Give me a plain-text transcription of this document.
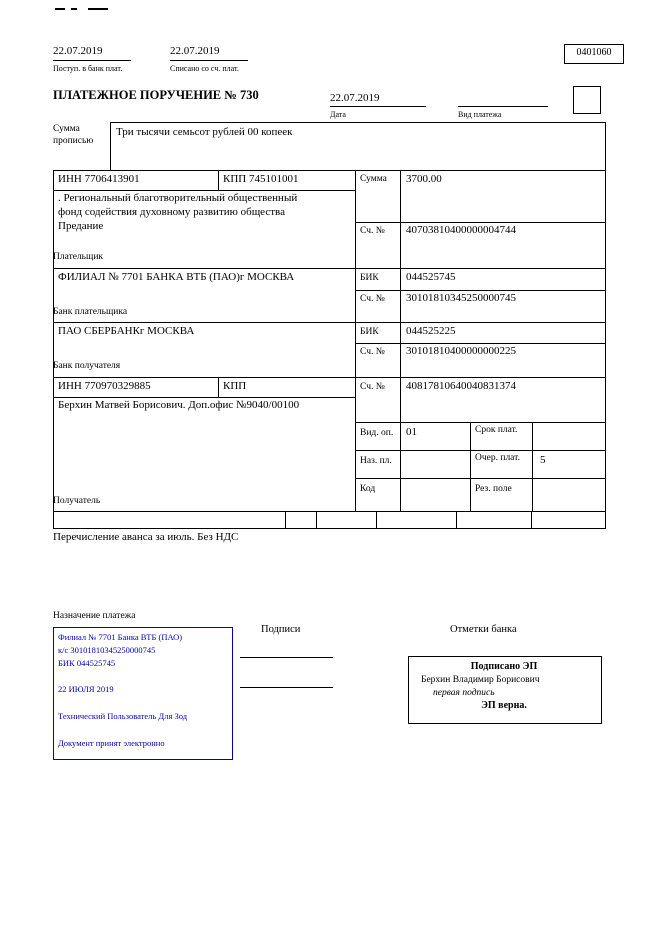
22.07.2019	22.07.2019
Поступ. в банк плат.	Списано со сч. плат.
0401060
ПЛАТЕЖНОЕ ПОРУЧЕНИЕ № 730	22.07.2019
Дата	Вид платежа
Сумма
прописью
Три тысячи семьсот рублей 00 копеек
ИНН 7706413901	КПП 745101001	Сумма 3700.00
. Региональный благотворительный общественный фонд содействия духовному развитию общества Предание	Сч. № 40703810400000004744
Плательщик
ФИЛИАЛ № 7701 БАНКА ВТБ (ПАО)г МОСКВА	БИК 044525745
Сч. № 30101810345250000745
Банк плательщика
ПАО СБЕРБАНКг МОСКВА	БИК 044525225
Сч. № 30101810400000000225
Банк получателя
ИНН 770970329885	КПП	Сч. № 40817810640040831374
Берхин Матвей Борисович. Доп.офис №9040/00100
Вид. оп. 01	Срок плат.
Наз. пл.	Очер. плат. 5
Код	Рез. поле
Получатель
Перечисление аванса за июль. Без НДС
Назначение платежа
Подписи	Отметки банка
Филиал № 7701 Банка ВТБ (ПАО)
к/с 30101810345250000745
БИК 044525745
22 ИЮЛЯ 2019
Технический Пользователь Для Зод
Документ принят электронно
Подписано ЭП
Берхин Владимир Борисович
первая подпись
ЭП верна.
